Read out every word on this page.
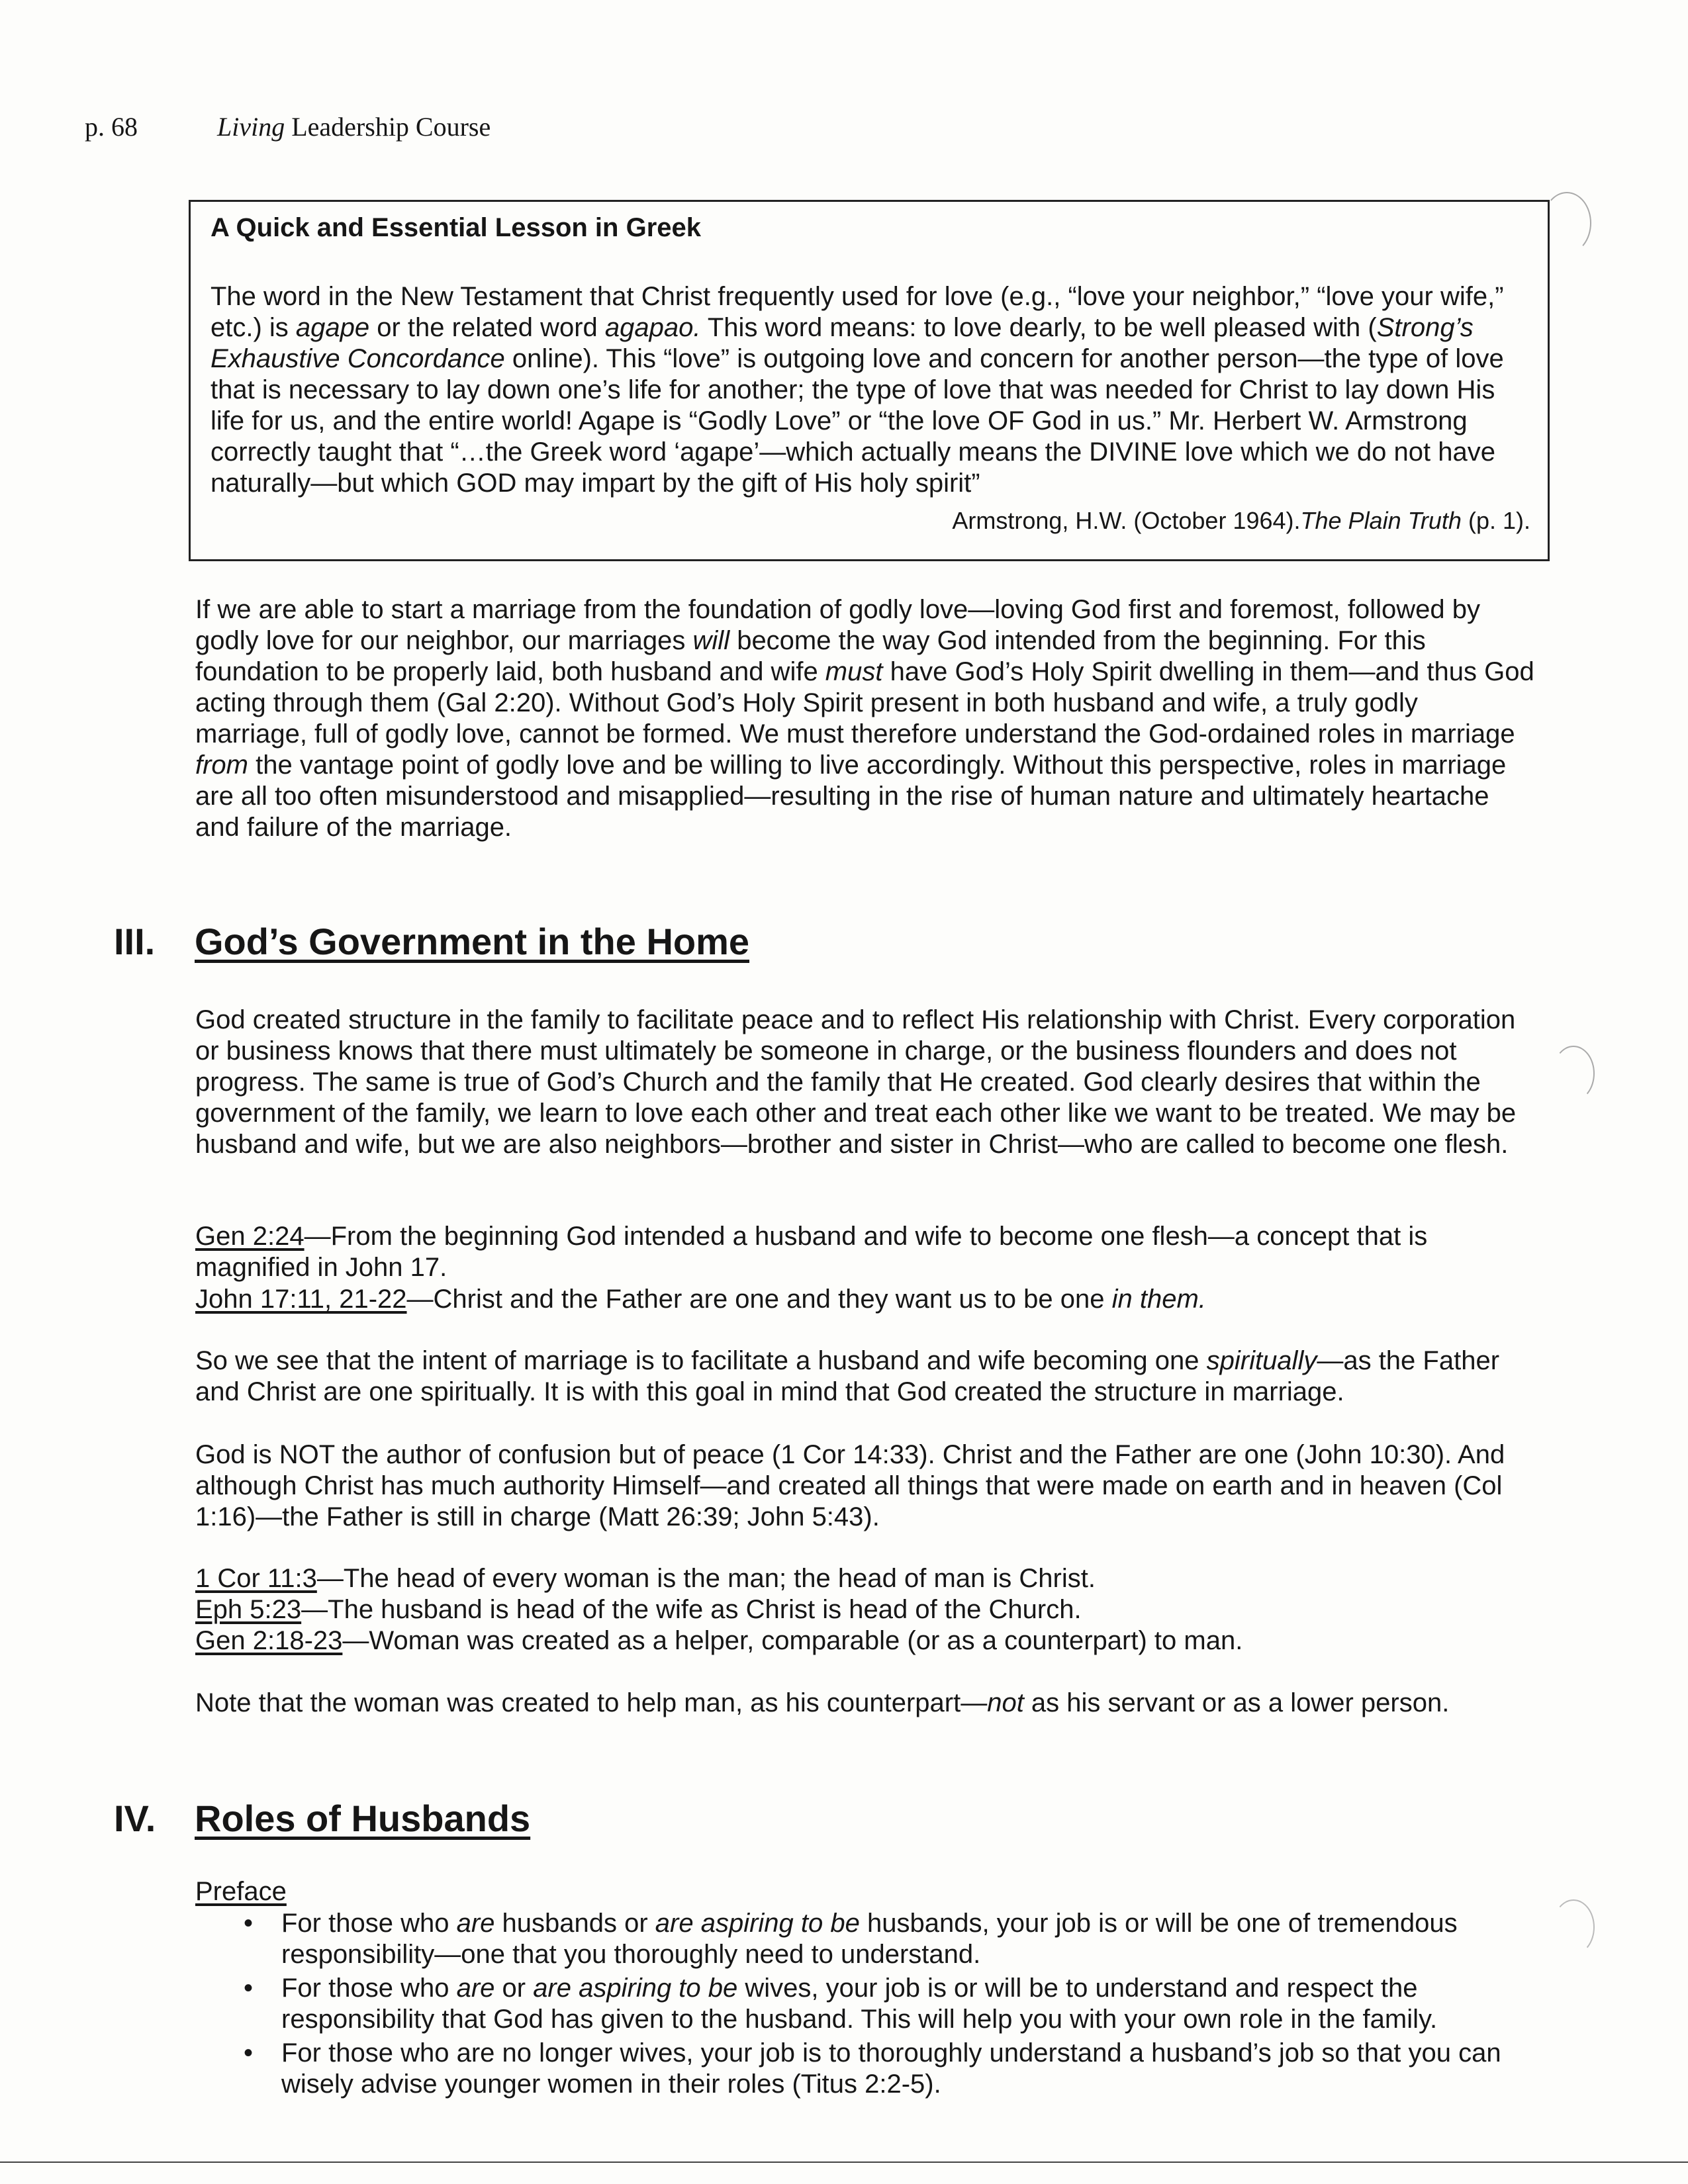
p. 68	Living Leadership Course
A Quick and Essential Lesson in Greek
The word in the New Testament that Christ frequently used for love (e.g., “love your neighbor,” “love your wife,” etc.) is agape or the related word agapao. This word means: to love dearly, to be well pleased with (Strong’s Exhaustive Concordance online). This “love” is outgoing love and concern for another person—the type of love that is necessary to lay down one’s life for another; the type of love that was needed for Christ to lay down His life for us, and the entire world! Agape is “Godly Love” or “the love OF God in us.” Mr. Herbert W. Armstrong correctly taught that “…the Greek word ‘agape’—which actually means the DIVINE love which we do not have naturally—but which GOD may impart by the gift of His holy spirit”
Armstrong, H.W. (October 1964).The Plain Truth (p. 1).
If we are able to start a marriage from the foundation of godly love—loving God first and foremost, followed by godly love for our neighbor, our marriages will become the way God intended from the beginning. For this foundation to be properly laid, both husband and wife must have God’s Holy Spirit dwelling in them—and thus God acting through them (Gal 2:20). Without God’s Holy Spirit present in both husband and wife, a truly godly marriage, full of godly love, cannot be formed. We must therefore understand the God-ordained roles in marriage from the vantage point of godly love and be willing to live accordingly. Without this perspective, roles in marriage are all too often misunderstood and misapplied—resulting in the rise of human nature and ultimately heartache and failure of the marriage.
III. God’s Government in the Home
God created structure in the family to facilitate peace and to reflect His relationship with Christ. Every corporation or business knows that there must ultimately be someone in charge, or the business flounders and does not progress. The same is true of God’s Church and the family that He created. God clearly desires that within the government of the family, we learn to love each other and treat each other like we want to be treated. We may be husband and wife, but we are also neighbors—brother and sister in Christ—who are called to become one flesh.
Gen 2:24—From the beginning God intended a husband and wife to become one flesh—a concept that is magnified in John 17.
John 17:11, 21-22—Christ and the Father are one and they want us to be one in them.
So we see that the intent of marriage is to facilitate a husband and wife becoming one spiritually—as the Father and Christ are one spiritually. It is with this goal in mind that God created the structure in marriage.
God is NOT the author of confusion but of peace (1 Cor 14:33). Christ and the Father are one (John 10:30). And although Christ has much authority Himself—and created all things that were made on earth and in heaven (Col 1:16)—the Father is still in charge (Matt 26:39; John 5:43).
1 Cor 11:3—The head of every woman is the man; the head of man is Christ.
Eph 5:23—The husband is head of the wife as Christ is head of the Church.
Gen 2:18-23—Woman was created as a helper, comparable (or as a counterpart) to man.
Note that the woman was created to help man, as his counterpart—not as his servant or as a lower person.
IV. Roles of Husbands
Preface
• For those who are husbands or are aspiring to be husbands, your job is or will be one of tremendous responsibility—one that you thoroughly need to understand.
• For those who are or are aspiring to be wives, your job is or will be to understand and respect the responsibility that God has given to the husband. This will help you with your own role in the family.
• For those who are no longer wives, your job is to thoroughly understand a husband’s job so that you can wisely advise younger women in their roles (Titus 2:2-5).
